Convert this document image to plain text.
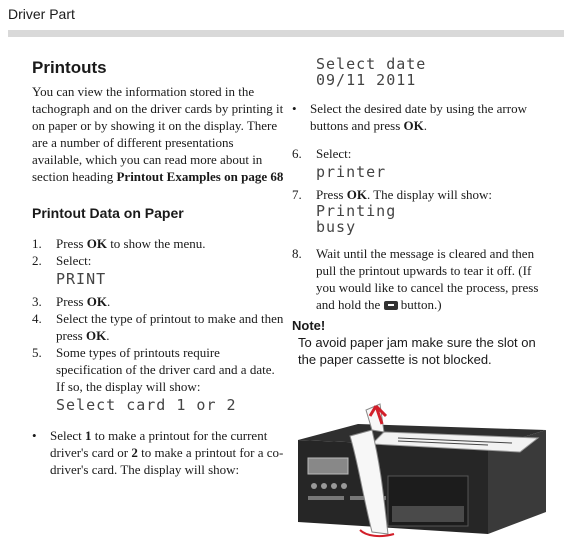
Driver Part
Printouts
You can view the information stored in the tachograph and on the driver cards by printing it on paper or by showing it on the display. There are a number of different presentations available, which you can read more about in section heading Printout Examples on page 68
Printout Data on Paper
1.	Press OK to show the menu.
2.	Select:
PRINT
3.	Press OK.
4.	Select the type of printout to make and then press OK.
5.	Some types of printouts require specification of the driver card and a date. If so, the display will show:
Select card 1 or 2
•	Select 1 to make a printout for the current driver's card or 2 to make a printout for a co-driver's card. The display will show:
Select date
09/11 2011
•	Select the desired date by using the arrow buttons and press OK.
6.	Select:
printer
7.	Press OK. The display will show:
Printing
busy
8.	Wait until the message is cleared and then pull the printout upwards to tear it off. (If you would like to cancel the process, press and hold the  button.)
Note!
To avoid paper jam make sure the slot on the paper cassette is not blocked.
